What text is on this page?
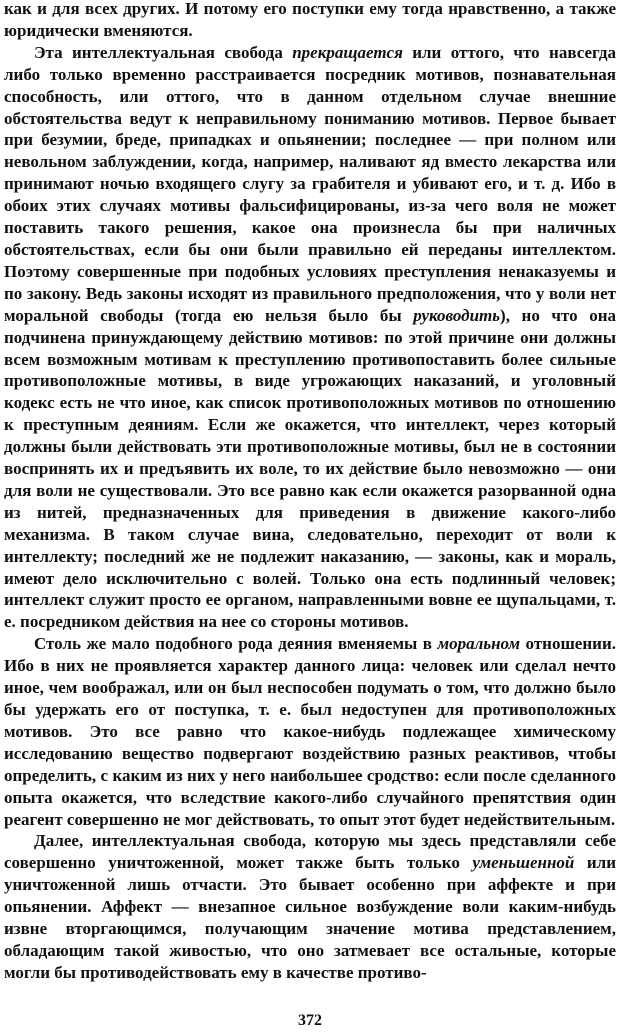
как и для всех других. И потому его поступки ему тогда нравственно, а также юридически вменяются.

Эта интеллектуальная свобода прекращается или оттого, что навсегда либо только временно расстраивается посредник мотивов, познавательная способность, или оттого, что в данном отдельном случае внешние обстоятельства ведут к неправильному пониманию мотивов. Первое бывает при безумии, бреде, припадках и опьянении; последнее — при полном или невольном заблуждении, когда, например, наливают яд вместо лекарства или принимают ночью входящего слугу за грабителя и убивают его, и т. д. Ибо в обоих этих случаях мотивы фальсифицированы, из-за чего воля не может поставить такого решения, какое она произнесла бы при наличных обстоятельствах, если бы они были правильно ей переданы интеллектом. Поэтому совершенные при подобных условиях преступления ненаказуемы и по закону. Ведь законы исходят из правильного предположения, что у воли нет моральной свободы (тогда ею нельзя было бы руководить), но что она подчинена принуждающему действию мотивов: по этой причине они должны всем возможным мотивам к преступлению противопоставить более сильные противоположные мотивы, в виде угрожающих наказаний, и уголовный кодекс есть не что иное, как список противоположных мотивов по отношению к преступным деяниям. Если же окажется, что интеллект, через который должны были действовать эти противоположные мотивы, был не в состоянии воспринять их и предъявить их воле, то их действие было невозможно — они для воли не существовали. Это все равно как если окажется разорванной одна из нитей, предназначенных для приведения в движение какого-либо механизма. В таком случае вина, следовательно, переходит от воли к интеллекту; последний же не подлежит наказанию, — законы, как и мораль, имеют дело исключительно с волей. Только она есть подлинный человек; интеллект служит просто ее органом, направленными вовне ее щупальцами, т. е. посредником действия на нее со стороны мотивов.

Столь же мало подобного рода деяния вменяемы в моральном отношении. Ибо в них не проявляется характер данного лица: человек или сделал нечто иное, чем воображал, или он был неспособен подумать о том, что должно было бы удержать его от поступка, т. е. был недоступен для противоположных мотивов. Это все равно что какое-нибудь подлежащее химическому исследованию вещество подвергают воздействию разных реактивов, чтобы определить, с каким из них у него наибольшее сродство: если после сделанного опыта окажется, что вследствие какого-либо случайного препятствия один реагент совершенно не мог действовать, то опыт этот будет недействительным.

Далее, интеллектуальная свобода, которую мы здесь представляли себе совершенно уничтоженной, может также быть только уменьшенной или уничтоженной лишь отчасти. Это бывает особенно при аффекте и при опьянении. Аффект — внезапное сильное возбуждение воли каким-нибудь извне вторгающимся, получающим значение мотива представлением, обладающим такой живостью, что оно затмевает все остальные, которые могли бы противодействовать ему в качестве противо-

372
